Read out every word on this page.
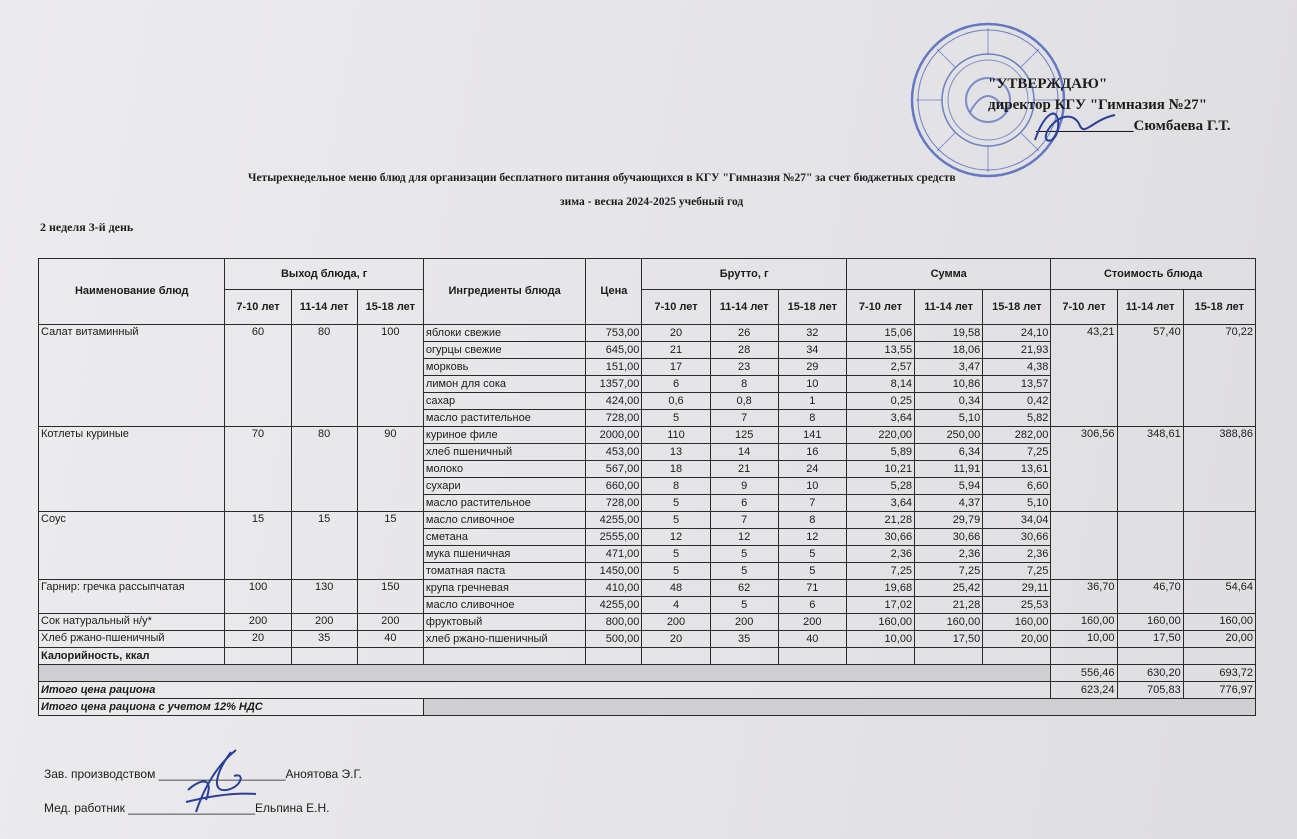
"УТВЕРЖДАЮ"
директор КГУ "Гимназия №27"
_____________Сюмбаева Г.Т.
Четырехнедельное меню блюд для организации бесплатного питания обучающихся в КГУ "Гимназия №27" за счет бюджетных средств
зима - весна 2024-2025 учебный год
2 неделя 3-й день
Наименование блюд	Выход блюда, г			Ингредиенты блюда	Цена	Брутто, г			Сумма			Стоимость блюда		
	7-10 лет	11-14 лет	15-18 лет			7-10 лет	11-14 лет	15-18 лет	7-10 лет	11-14 лет	15-18 лет	7-10 лет	11-14 лет	15-18 лет
Салат витаминный	60	80	100	яблоки свежие	753,00	20	26	32	15,06	19,58	24,10	43,21	57,40	70,22
				огурцы свежие	645,00	21	28	34	13,55	18,06	21,93			
				морковь	151,00	17	23	29	2,57	3,47	4,38			
				лимон для сока	1357,00	6	8	10	8,14	10,86	13,57			
				сахар	424,00	0,6	0,8	1	0,25	0,34	0,42			
				масло растительное	728,00	5	7	8	3,64	5,10	5,82			
Котлеты куриные	70	80	90	куриное филе	2000,00	110	125	141	220,00	250,00	282,00	306,56	348,61	388,86
				хлеб пшеничный	453,00	13	14	16	5,89	6,34	7,25			
				молоко	567,00	18	21	24	10,21	11,91	13,61			
				сухари	660,00	8	9	10	5,28	5,94	6,60			
				масло растительное	728,00	5	6	7	3,64	4,37	5,10			
Соус	15	15	15	масло сливочное	4255,00	5	7	8	21,28	29,79	34,04			
				сметана	2555,00	12	12	12	30,66	30,66	30,66			
				мука пшеничная	471,00	5	5	5	2,36	2,36	2,36			
				томатная паста	1450,00	5	5	5	7,25	7,25	7,25			
Гарнир: гречка рассыпчатая	100	130	150	крупа гречневая	410,00	48	62	71	19,68	25,42	29,11	36,70	46,70	54,64
				масло сливочное	4255,00	4	5	6	17,02	21,28	25,53			
Сок натуральный н/у*	200	200	200	фруктовый	800,00	200	200	200	160,00	160,00	160,00	160,00	160,00	160,00
Хлеб ржано-пшеничный	20	35	40	хлеб ржано-пшеничный	500,00	20	35	40	10,00	17,50	20,00	10,00	17,50	20,00
Калорийность, ккал														
												556,46	630,20	693,72
Итого цена рациона												623,24	705,83	776,97
Итого цена рациона с учетом 12% НДС														
Зав. производством ___________________Аноятова Э.Г.
Мед. работник ___________________Ельпина Е.Н.
